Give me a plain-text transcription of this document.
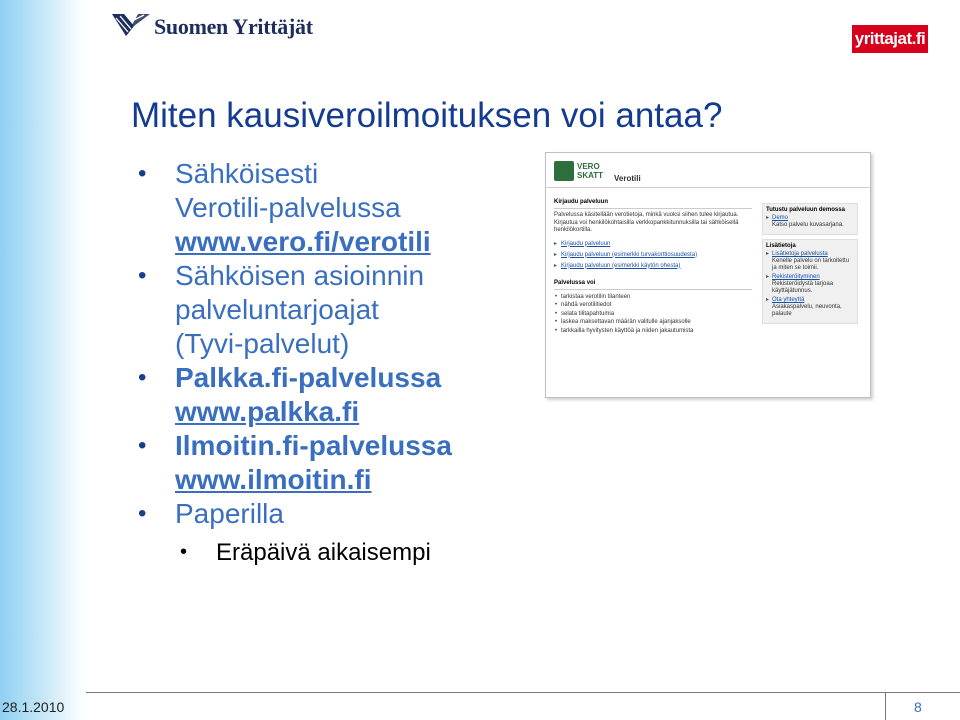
Suomen Yrittäjät	yrittajat.fi
Miten kausiveroilmoituksen voi antaa?
• Sähköisesti
Verotili-palvelussa
www.vero.fi/verotili
• Sähköisen asioinnin
palveluntarjoajat
(Tyvi-palvelut)
• Palkka.fi-palvelussa
www.palkka.fi
• Ilmoitin.fi-palvelussa
www.ilmoitin.fi
• Paperilla
• Eräpäivä aikaisempi
VERO
SKATT Verotili
Kirjaudu palveluun

Palvelussa käsitellään verotietoja, minkä vuoksi siihen tulee kirjautua. Kirjautua voi henkilökohtaisilla verkkopankkitunnuksilla tai sähköisellä henkilökortilla.

▸ Kirjaudu palveluun
▸ Kirjaudu palveluun (esimerkki turvakorttiosuudesta)
▸ Kirjaudu palveluun (esimerkki käytön ohesta)
Palvelussa voi
• tarkistaa verotilin tilanteen
• nähdä verotilitiedot
• selata tilitapahtumia
• laskea maksettavan määrän valitulle ajanjaksolle
• tarkkailla hyvitysten käyttöä ja niiden jakautumista
Tutustu palveluun demossa
▸ Demo
Katso palvelu kuvasarjana.
Lisätietoja
▸ Lisätietoja palvelusta
Kenelle palvelu on tarkoitettu ja miten se toimii.
▸ Rekisteröityminen
Rekisteröidystä tarjoaa käyttäjätunnus.
▸ Ota yhteyttä
Asiakaspalvelu, neuvonta, palaute
28.1.2010	8
